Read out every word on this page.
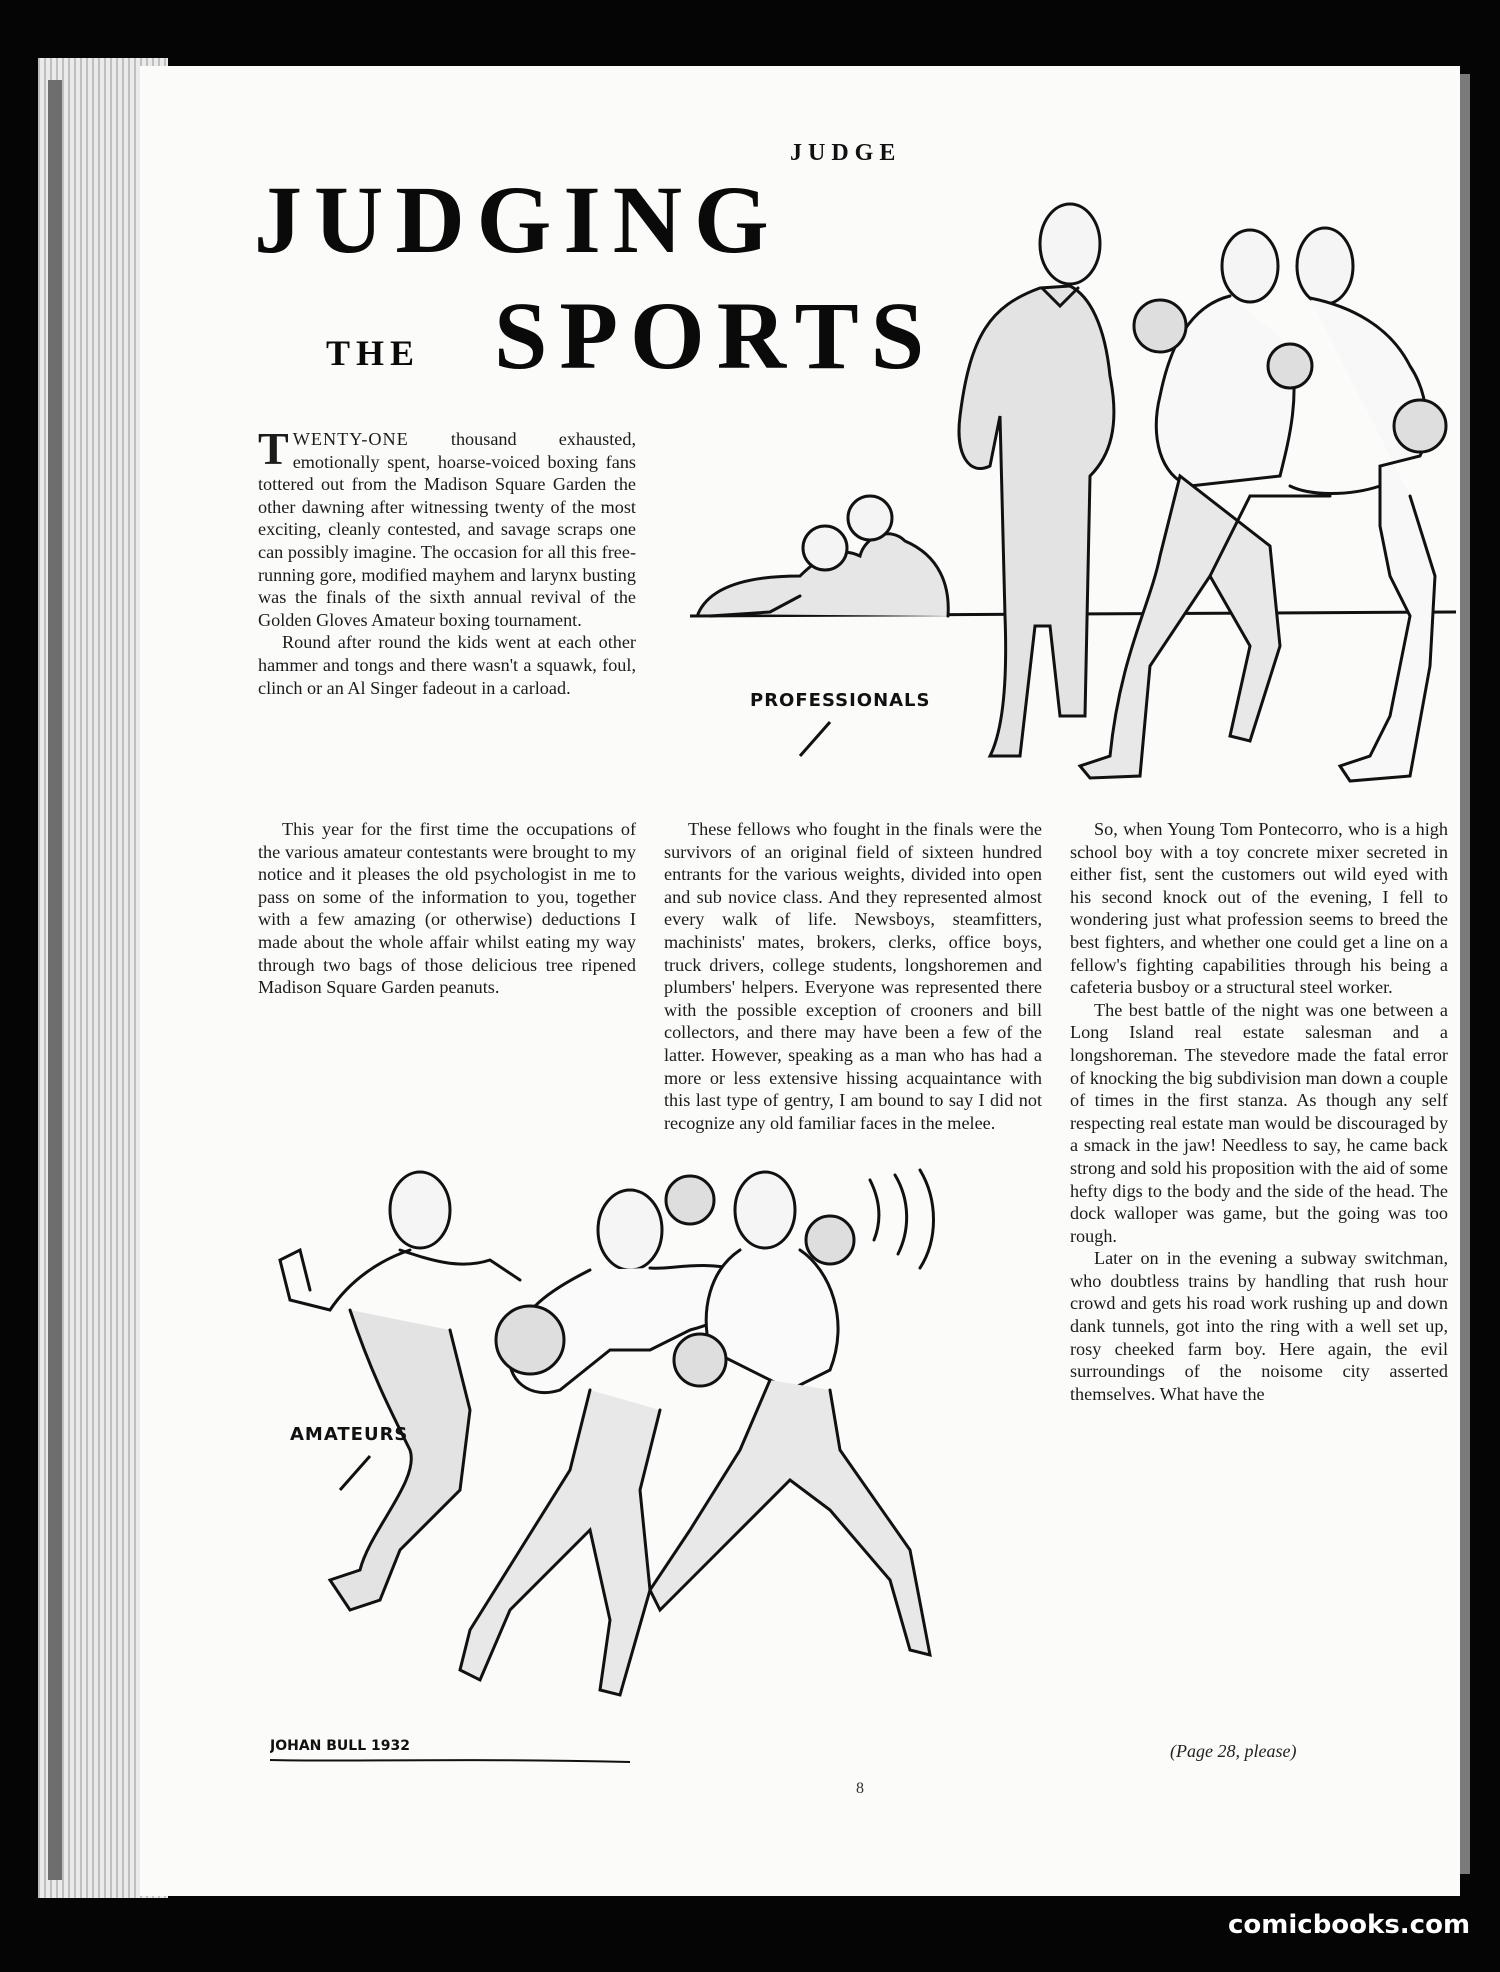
JUDGE
JUDGING
THE SPORTS
PROFESSIONALS
AMATEURS
JOHAN BULL 1932

TWENTY-ONE thousand exhausted, emotionally spent, hoarse-voiced boxing fans tottered out from the Madison Square Garden the other dawning after witnessing twenty of the most exciting, cleanly contested, and savage scraps one can possibly imagine. The occasion for all this free-running gore, modified mayhem and larynx busting was the finals of the sixth annual revival of the Golden Gloves Amateur boxing tournament.

Round after round the kids went at each other hammer and tongs and there wasn't a squawk, foul, clinch or an Al Singer fadeout in a carload.

This year for the first time the occupations of the various amateur contestants were brought to my notice and it pleases the old psychologist in me to pass on some of the information to you, together with a few amazing (or otherwise) deductions I made about the whole affair whilst eating my way through two bags of those delicious tree ripened Madison Square Garden peanuts.

These fellows who fought in the finals were the survivors of an original field of sixteen hundred entrants for the various weights, divided into open and sub novice class. And they represented almost every walk of life. Newsboys, steamfitters, machinists' mates, brokers, clerks, office boys, truck drivers, college students, longshoremen and plumbers' helpers. Everyone was represented there with the possible exception of crooners and bill collectors, and there may have been a few of the latter. However, speaking as a man who has had a more or less extensive hissing acquaintance with this last type of gentry, I am bound to say I did not recognize any old familiar faces in the melee.

So, when Young Tom Pontecorro, who is a high school boy with a toy concrete mixer secreted in either fist, sent the customers out wild eyed with his second knock out of the evening, I fell to wondering just what profession seems to breed the best fighters, and whether one could get a line on a fellow's fighting capabilities through his being a cafeteria busboy or a structural steel worker.

The best battle of the night was one between a Long Island real estate salesman and a longshoreman. The stevedore made the fatal error of knocking the big subdivision man down a couple of times in the first stanza. As though any self respecting real estate man would be discouraged by a smack in the jaw! Needless to say, he came back strong and sold his proposition with the aid of some hefty digs to the body and the side of the head. The dock walloper was game, but the going was too rough.

Later on in the evening a subway switchman, who doubtless trains by handling that rush hour crowd and gets his road work rushing up and down dank tunnels, got into the ring with a well set up, rosy cheeked farm boy. Here again, the evil surroundings of the noisome city asserted themselves. What have the

(Page 28, please)
8
comicbooks.com
